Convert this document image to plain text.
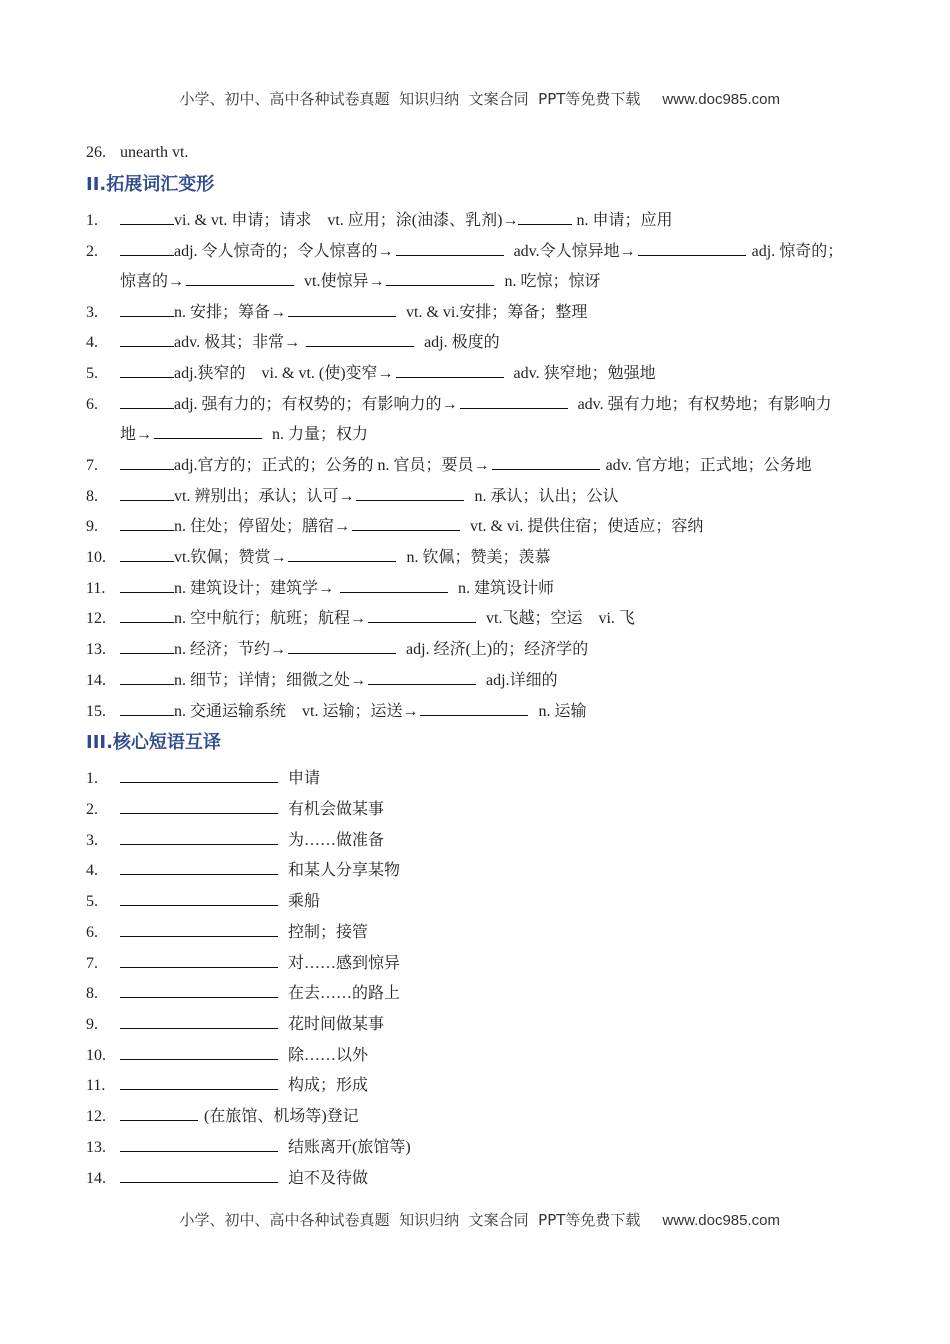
小学、初中、高中各种试卷真题  知识归纳  文案合同  PPT等免费下载 www.doc985.com

26. unearth vt.
II.拓展词汇变形
1.	vi. & vt. 申请；请求　vt. 应用；涂(油漆、乳剂)→	n. 申请；应用
2.	adj. 令人惊奇的；令人惊喜的→	adv.令人惊异地→	adj. 惊奇的；
惊喜的→	vt.使惊异→	n. 吃惊；惊讶
3.	n. 安排；筹备→	vt. & vi.安排；筹备；整理
4.	adv. 极其；非常→	adj. 极度的
5.	adj.狭窄的　vi. & vt. (使)变窄→	adv. 狭窄地；勉强地
6.	adj. 强有力的；有权势的；有影响力的→	adv. 强有力地；有权势地；有影响力
地→	n. 力量；权力
7.	adj.官方的；正式的；公务的 n. 官员；要员→	adv. 官方地；正式地；公务地
8.	vt. 辨别出；承认；认可→	n. 承认；认出；公认
9.	n. 住处；停留处；膳宿→	vt. & vi. 提供住宿；使适应；容纳
10.	vt.钦佩；赞赏→	n. 钦佩；赞美；羡慕
11.	n. 建筑设计；建筑学→	n. 建筑设计师
12.	n. 空中航行；航班；航程→	vt.飞越；空运　vi. 飞
13.	n. 经济；节约→	adj. 经济(上)的；经济学的
14.	n. 细节；详情；细微之处→	adj.详细的
15.	n. 交通运输系统　vt. 运输；运送→	n. 运输
III.核心短语互译
1.	申请
2.	有机会做某事
3.	为……做准备
4.	和某人分享某物
5.	乘船
6.	控制；接管
7.	对……感到惊异
8.	在去……的路上
9.	花时间做某事
10.	除……以外
11.	构成；形成
12.	(在旅馆、机场等)登记
13.	结账离开(旅馆等)
14.	迫不及待做

小学、初中、高中各种试卷真题  知识归纳  文案合同  PPT等免费下载 www.doc985.com
